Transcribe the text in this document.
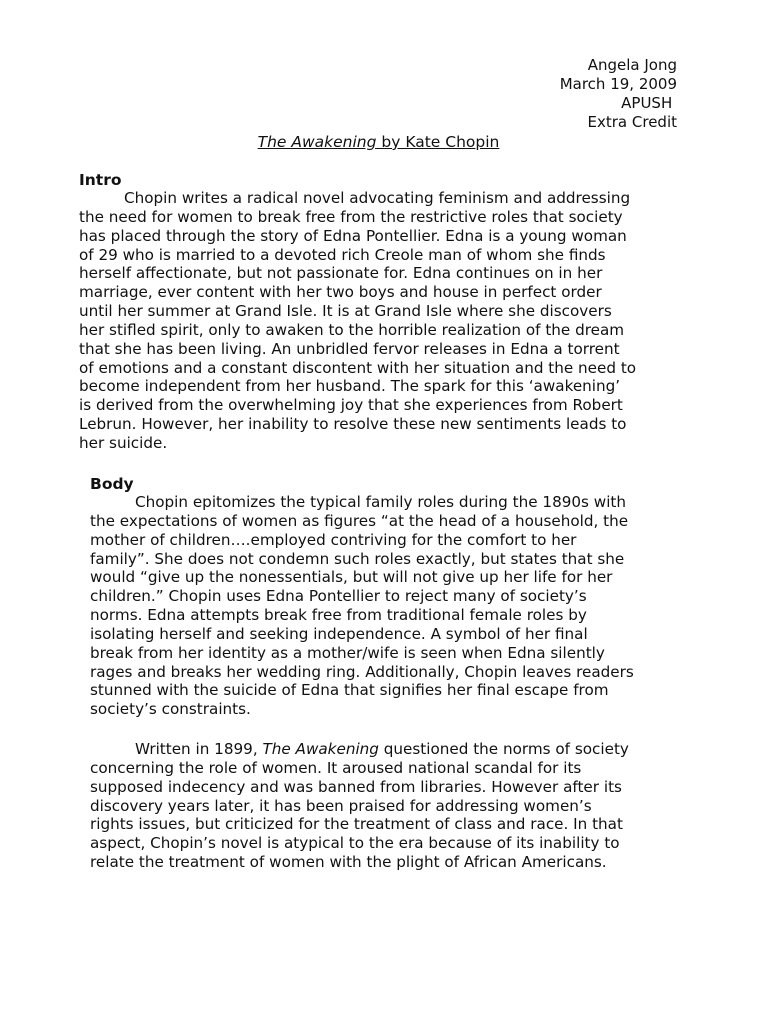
Angela Jong
March 19, 2009
APUSH
Extra Credit
The Awakening by Kate Chopin
Intro
Chopin writes a radical novel advocating feminism and addressing
the need for women to break free from the restrictive roles that society
has placed through the story of Edna Pontellier. Edna is a young woman
of 29 who is married to a devoted rich Creole man of whom she finds
herself affectionate, but not passionate for. Edna continues on in her
marriage, ever content with her two boys and house in perfect order
until her summer at Grand Isle. It is at Grand Isle where she discovers
her stifled spirit, only to awaken to the horrible realization of the dream
that she has been living. An unbridled fervor releases in Edna a torrent
of emotions and a constant discontent with her situation and the need to
become independent from her husband. The spark for this ‘awakening’
is derived from the overwhelming joy that she experiences from Robert
Lebrun. However, her inability to resolve these new sentiments leads to
her suicide.
Body
Chopin epitomizes the typical family roles during the 1890s with
the expectations of women as figures “at the head of a household, the
mother of children….employed contriving for the comfort to her
family”. She does not condemn such roles exactly, but states that she
would “give up the nonessentials, but will not give up her life for her
children.” Chopin uses Edna Pontellier to reject many of society’s
norms. Edna attempts break free from traditional female roles by
isolating herself and seeking independence. A symbol of her final
break from her identity as a mother/wife is seen when Edna silently
rages and breaks her wedding ring. Additionally, Chopin leaves readers
stunned with the suicide of Edna that signifies her final escape from
society’s constraints.
Written in 1899, The Awakening questioned the norms of society
concerning the role of women. It aroused national scandal for its
supposed indecency and was banned from libraries. However after its
discovery years later, it has been praised for addressing women’s
rights issues, but criticized for the treatment of class and race. In that
aspect, Chopin’s novel is atypical to the era because of its inability to
relate the treatment of women with the plight of African Americans.
